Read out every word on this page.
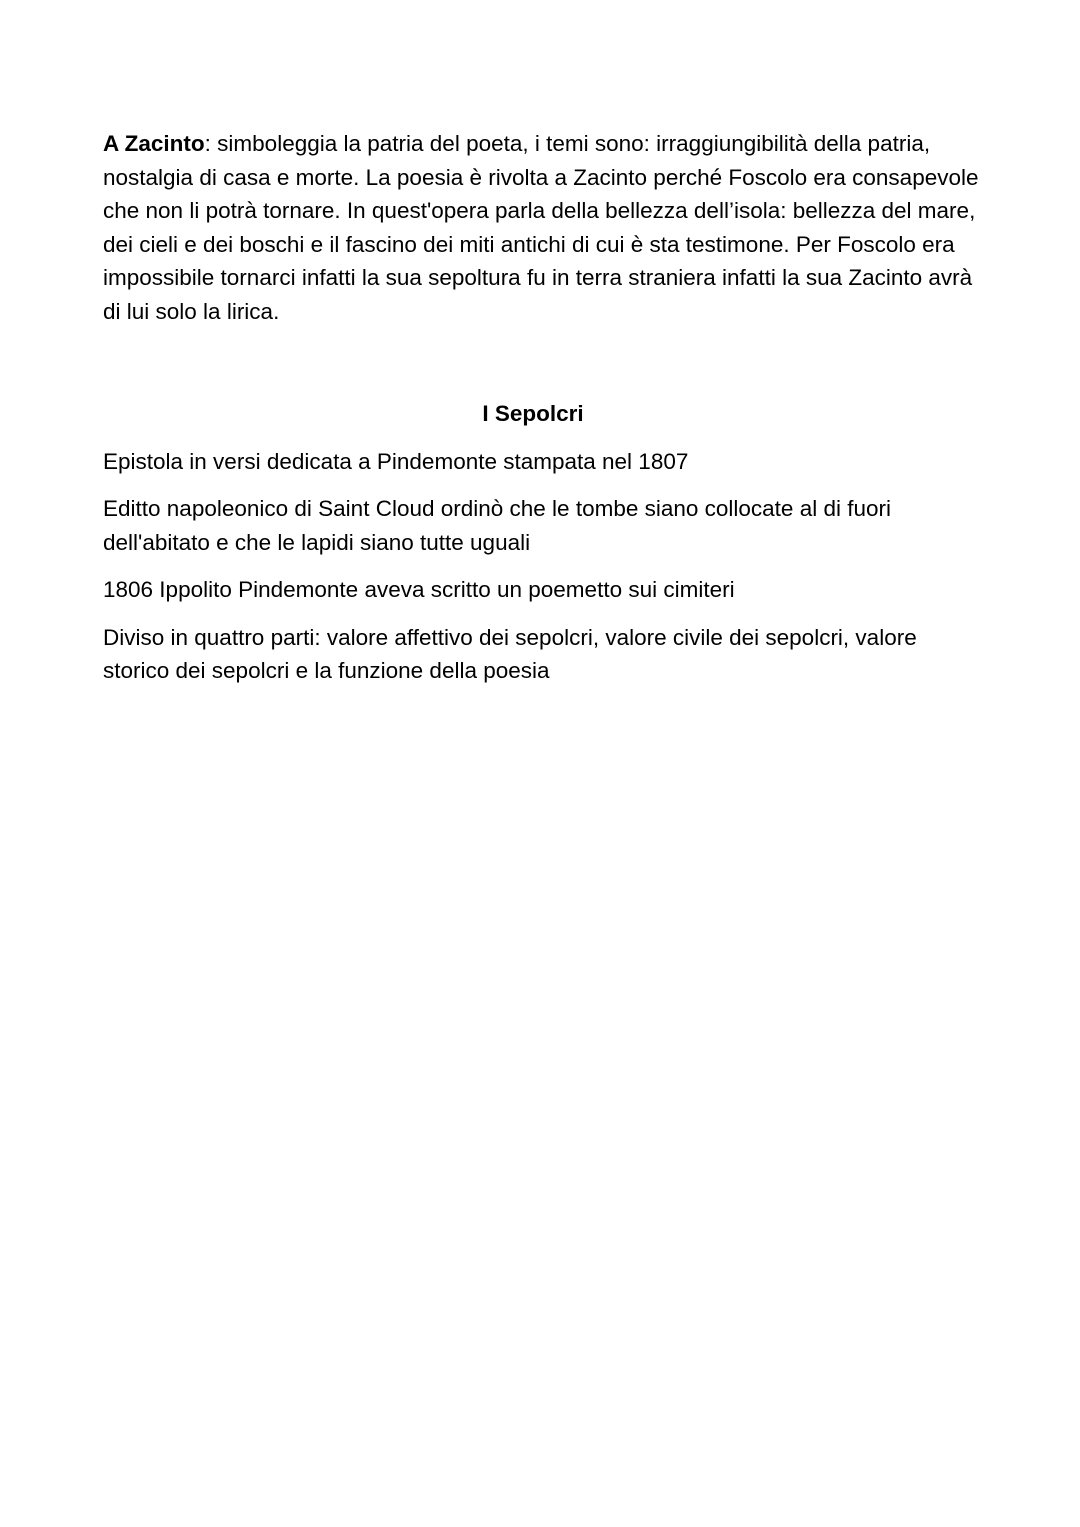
A Zacinto: simboleggia la patria del poeta, i temi sono: irraggiungibilità della patria, nostalgia di casa e morte. La poesia è rivolta a Zacinto perché Foscolo era consapevole che non li potrà tornare. In quest'opera parla della bellezza dell’isola: bellezza del mare, dei cieli e dei boschi e il fascino dei miti antichi di cui è sta testimone. Per Foscolo era impossibile tornarci infatti la sua sepoltura fu in terra straniera infatti la sua Zacinto avrà di lui solo la lirica.

I Sepolcri

Epistola in versi dedicata a Pindemonte stampata nel 1807

Editto napoleonico di Saint Cloud ordinò che le tombe siano collocate al di fuori dell'abitato e che le lapidi siano tutte uguali

1806 Ippolito Pindemonte aveva scritto un poemetto sui cimiteri

Diviso in quattro parti: valore affettivo dei sepolcri, valore civile dei sepolcri, valore storico dei sepolcri e la funzione della poesia
